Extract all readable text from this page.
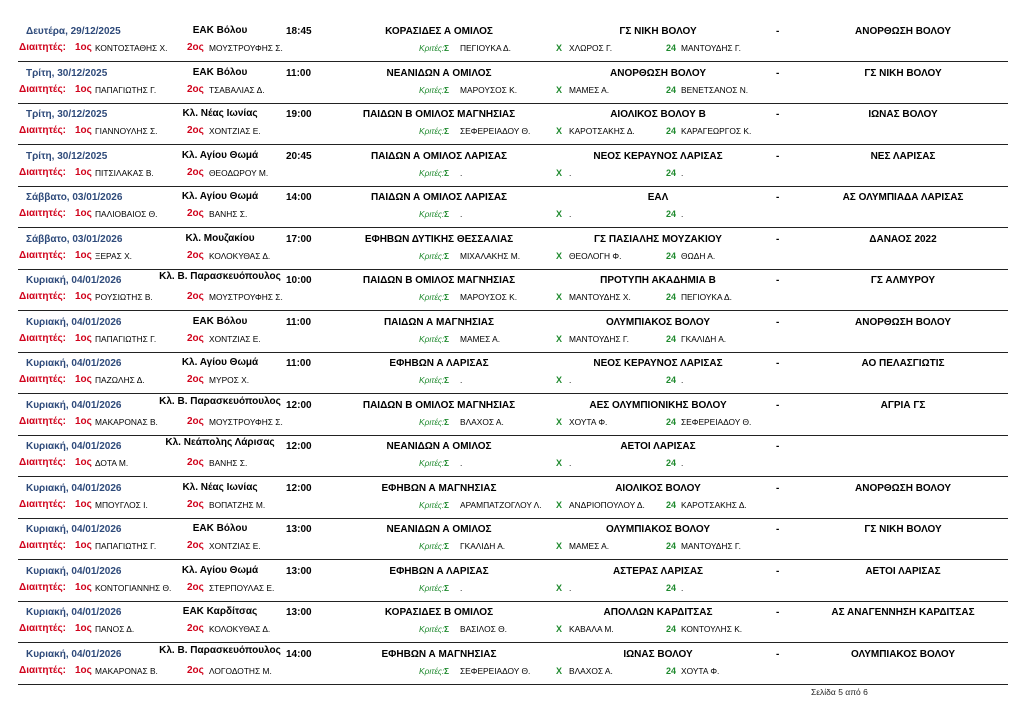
Δευτέρα, 29/12/2025	ΕΑΚ Βόλου	18:45	ΚΟΡΑΣΙΔΕΣ Α ΟΜΙΛΟΣ	ΓΣ ΝΙΚΗ ΒΟΛΟΥ	-	ΑΝΟΡΘΩΣΗ ΒΟΛΟΥ
Διαιτητές: 1ος ΚΟΝΤΟΣΤΑΘΗΣ Χ. 2ος ΜΟΥΣΤΡΟΥΦΗΣ Σ.	Κριτές: Σ ΠΕΓΙΟΥΚΑ Δ.	Χ ΧΛΩΡΟΣ Γ.	24 ΜΑΝΤΟΥΔΗΣ Γ.
Τρίτη, 30/12/2025	ΕΑΚ Βόλου	11:00	ΝΕΑΝΙΔΩΝ Α ΟΜΙΛΟΣ	ΑΝΟΡΘΩΣΗ ΒΟΛΟΥ	-	ΓΣ ΝΙΚΗ ΒΟΛΟΥ
Διαιτητές: 1ος ΠΑΠΑΓΙΩΤΗΣ Γ.	2ος ΤΣΑΒΑΛΙΑΣ Δ.	Κριτές: Σ ΜΑΡΟΥΣΟΣ Κ.	Χ ΜΑΜΕΣ Α.	24 ΒΕΝΕΤΣΑΝΟΣ Ν.
Τρίτη, 30/12/2025	Κλ. Νέας Ιωνίας	19:00	ΠΑΙΔΩΝ Β ΟΜΙΛΟΣ ΜΑΓΝΗΣΙΑΣ	ΑΙΟΛΙΚΟΣ ΒΟΛΟΥ Β	-	ΙΩΝΑΣ ΒΟΛΟΥ
Διαιτητές: 1ος ΓΙΑΝΝΟΥΛΗΣ Σ.	2ος ΧΟΝΤΖΙΑΣ Ε.	Κριτές: Σ ΣΕΦΕΡΕΙΑΔΟΥ Θ.	Χ ΚΑΡΟΤΣΑΚΗΣ Δ.	24 ΚΑΡΑΓΕΩΡΓΟΣ Κ.
Τρίτη, 30/12/2025	Κλ. Αγίου Θωμά	20:45	ΠΑΙΔΩΝ Α ΟΜΙΛΟΣ ΛΑΡΙΣΑΣ	ΝΕΟΣ ΚΕΡΑΥΝΟΣ ΛΑΡΙΣΑΣ	-	ΝΕΣ ΛΑΡΙΣΑΣ
Διαιτητές: 1ος ΠΙΤΣΙΛΑΚΑΣ Β.	2ος ΘΕΟΔΩΡΟΥ Μ.	Κριτές: Σ .	Χ .	24 .
Σάββατο, 03/01/2026	Κλ. Αγίου Θωμά	14:00	ΠΑΙΔΩΝ Α ΟΜΙΛΟΣ ΛΑΡΙΣΑΣ	ΕΑΛ	-	ΑΣ ΟΛΥΜΠΙΑΔΑ ΛΑΡΙΣΑΣ
Διαιτητές: 1ος ΠΑΛΙΟΒΑΙΟΣ Θ.	2ος ΒΑΝΗΣ Σ.	Κριτές: Σ .	Χ .	24 .
Σάββατο, 03/01/2026	Κλ. Μουζακίου	17:00	ΕΦΗΒΩΝ ΔΥΤΙΚΗΣ ΘΕΣΣΑΛΙΑΣ	ΓΣ ΠΑΣΙΑΛΗΣ ΜΟΥΖΑΚΙΟΥ	-	ΔΑΝΑΟΣ 2022
Διαιτητές: 1ος ΞΕΡΑΣ Χ.	2ος ΚΟΛΟΚΥΘΑΣ Δ.	Κριτές: Σ ΜΙΧΑΛΑΚΗΣ Μ.	Χ ΘΕΟΛΟΓΗ Φ.	24 ΘΩΔΗ Α.
Κυριακή, 04/01/2026	Κλ. Β. Παρασκευόπουλος 10:00	ΠΑΙΔΩΝ Β ΟΜΙΛΟΣ ΜΑΓΝΗΣΙΑΣ	ΠΡΟΤΥΠΗ ΑΚΑΔΗΜΙΑ Β	-	ΓΣ ΑΛΜΥΡΟΥ
Διαιτητές: 1ος ΡΟΥΣΙΩΤΗΣ Β.	2ος ΜΟΥΣΤΡΟΥΦΗΣ Σ.	Κριτές: Σ ΜΑΡΟΥΣΟΣ Κ.	Χ ΜΑΝΤΟΥΔΗΣ Χ.	24 ΠΕΓΙΟΥΚΑ Δ.
Κυριακή, 04/01/2026	ΕΑΚ Βόλου	11:00	ΠΑΙΔΩΝ Α ΜΑΓΝΗΣΙΑΣ	ΟΛΥΜΠΙΑΚΟΣ ΒΟΛΟΥ	-	ΑΝΟΡΘΩΣΗ ΒΟΛΟΥ
Διαιτητές: 1ος ΠΑΠΑΓΙΩΤΗΣ Γ.	2ος ΧΟΝΤΖΙΑΣ Ε.	Κριτές: Σ ΜΑΜΕΣ Α.	Χ ΜΑΝΤΟΥΔΗΣ Γ.	24 ΓΚΑΛΙΔΗ Α.
Κυριακή, 04/01/2026	Κλ. Αγίου Θωμά	11:00	ΕΦΗΒΩΝ Α ΛΑΡΙΣΑΣ	ΝΕΟΣ ΚΕΡΑΥΝΟΣ ΛΑΡΙΣΑΣ	-	ΑΟ ΠΕΛΑΣΓΙΩΤΙΣ
Διαιτητές: 1ος ΠΑΖΩΛΗΣ Δ.	2ος ΜΥΡΟΣ Χ.	Κριτές: Σ .	Χ .	24 .
Κυριακή, 04/01/2026	Κλ. Β. Παρασκευόπουλος 12:00	ΠΑΙΔΩΝ Β ΟΜΙΛΟΣ ΜΑΓΝΗΣΙΑΣ	ΑΕΣ ΟΛΥΜΠΙΟΝΙΚΗΣ ΒΟΛΟΥ	-	ΑΓΡΙΑ ΓΣ
Διαιτητές: 1ος ΜΑΚΑΡΟΝΑΣ Β.	2ος ΜΟΥΣΤΡΟΥΦΗΣ Σ.	Κριτές: Σ ΒΛΑΧΟΣ Α.	Χ ΧΟΥΤΑ Φ.	24 ΣΕΦΕΡΕΙΑΔΟΥ Θ.
Κυριακή, 04/01/2026	Κλ. Νεάπολης Λάρισας	12:00	ΝΕΑΝΙΔΩΝ Α ΟΜΙΛΟΣ	ΑΕΤΟΙ ΛΑΡΙΣΑΣ	-
Διαιτητές: 1ος ΔΟΤΑ Μ.	2ος ΒΑΝΗΣ Σ.	Κριτές: Σ .	Χ .	24 .
Κυριακή, 04/01/2026	Κλ. Νέας Ιωνίας	12:00	ΕΦΗΒΩΝ Α ΜΑΓΝΗΣΙΑΣ	ΑΙΟΛΙΚΟΣ ΒΟΛΟΥ	-	ΑΝΟΡΘΩΣΗ ΒΟΛΟΥ
Διαιτητές: 1ος ΜΠΟΥΓΛΟΣ Ι.	2ος ΒΟΠΑΤΖΗΣ Μ.	Κριτές: Σ ΑΡΑΜΠΑΤΖΟΓΛΟΥ Λ. Χ ΑΝΔΡΙΟΠΟΥΛΟΥ Δ. 24 ΚΑΡΟΤΣΑΚΗΣ Δ.
Κυριακή, 04/01/2026	ΕΑΚ Βόλου	13:00	ΝΕΑΝΙΔΩΝ Α ΟΜΙΛΟΣ	ΟΛΥΜΠΙΑΚΟΣ ΒΟΛΟΥ	-	ΓΣ ΝΙΚΗ ΒΟΛΟΥ
Διαιτητές: 1ος ΠΑΠΑΓΙΩΤΗΣ Γ.	2ος ΧΟΝΤΖΙΑΣ Ε.	Κριτές: Σ ΓΚΑΛΙΔΗ Α.	Χ ΜΑΜΕΣ Α.	24 ΜΑΝΤΟΥΔΗΣ Γ.
Κυριακή, 04/01/2026	Κλ. Αγίου Θωμά	13:00	ΕΦΗΒΩΝ Α ΛΑΡΙΣΑΣ	ΑΣΤΕΡΑΣ ΛΑΡΙΣΑΣ	-	ΑΕΤΟΙ ΛΑΡΙΣΑΣ
Διαιτητές: 1ος ΚΟΝΤΟΓΙΑΝΝΗΣ Θ. 2ος ΣΤΕΡΠΟΥΛΑΣ Ε.	Κριτές: Σ .	Χ .	24 .
Κυριακή, 04/01/2026	ΕΑΚ Καρδίτσας	13:00	ΚΟΡΑΣΙΔΕΣ Β ΟΜΙΛΟΣ	ΑΠΟΛΛΩΝ ΚΑΡΔΙΤΣΑΣ	-	ΑΣ ΑΝΑΓΕΝΝΗΣΗ ΚΑΡΔΙΤΣΑΣ
Διαιτητές: 1ος ΠΑΝΟΣ Δ.	2ος ΚΟΛΟΚΥΘΑΣ Δ.	Κριτές: Σ ΒΑΣΙΛΟΣ Θ.	Χ ΚΑΒΑΛΑ Μ.	24 ΚΟΝΤΟΥΛΗΣ Κ.
Κυριακή, 04/01/2026	Κλ. Β. Παρασκευόπουλος 14:00	ΕΦΗΒΩΝ Α ΜΑΓΝΗΣΙΑΣ	ΙΩΝΑΣ ΒΟΛΟΥ	-	ΟΛΥΜΠΙΑΚΟΣ ΒΟΛΟΥ
Διαιτητές: 1ος ΜΑΚΑΡΟΝΑΣ Β.	2ος ΛΟΓΟΔΟΤΗΣ Μ.	Κριτές: Σ ΣΕΦΕΡΕΙΑΔΟΥ Θ.	Χ ΒΛΑΧΟΣ Α.	24 ΧΟΥΤΑ Φ.
Σελίδα 5 από 6
